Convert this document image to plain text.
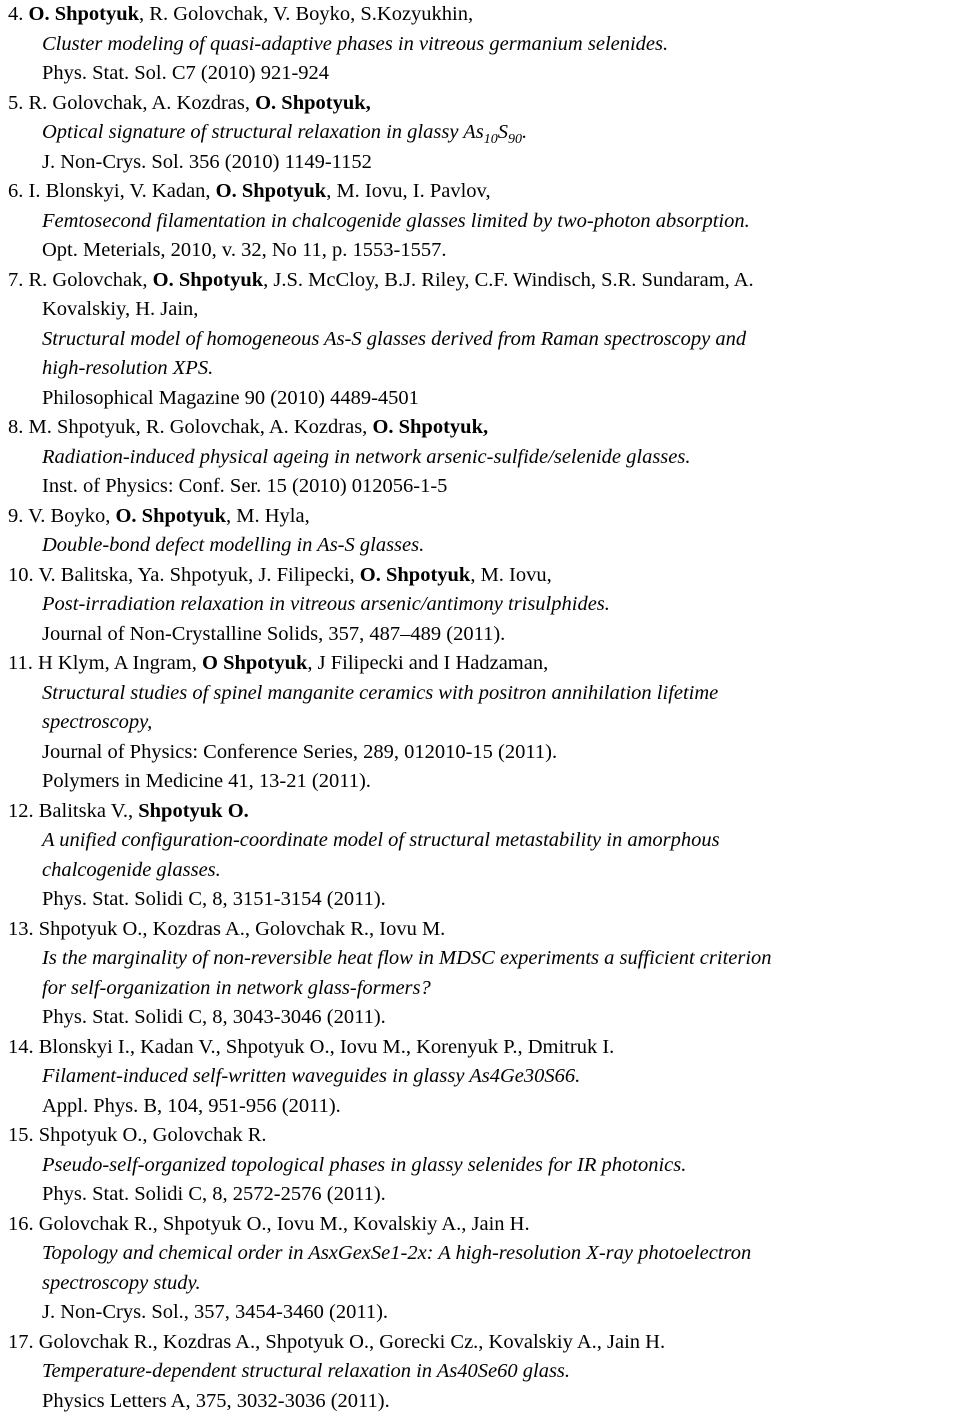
4. O. Shpotyuk, R. Golovchak, V. Boyko, S.Kozyukhin,
Cluster modeling of quasi-adaptive phases in vitreous germanium selenides.
Phys. Stat. Sol. C7 (2010) 921-924
5. R. Golovchak, A. Kozdras, O. Shpotyuk,
Optical signature of structural relaxation in glassy $As_{10}S_{90}$.
J. Non-Crys. Sol. 356 (2010) 1149-1152
6. I. Blonskyi, V. Kadan, O. Shpotyuk, M. Iovu, I. Pavlov,
Femtosecond filamentation in chalcogenide glasses limited by two-photon absorption.
Opt. Meterials, 2010, v. 32, No 11, p. 1553-1557.
7. R. Golovchak, O. Shpotyuk, J.S. McCloy, B.J. Riley, C.F. Windisch, S.R. Sundaram, A.
Kovalskiy, H. Jain,
Structural model of homogeneous As-S glasses derived from Raman spectroscopy and
high-resolution XPS.
Philosophical Magazine 90 (2010) 4489-4501
8. M. Shpotyuk, R. Golovchak, A. Kozdras, O. Shpotyuk,
Radiation-induced physical ageing in network arsenic-sulfide/selenide glasses.
Inst. of Physics: Conf. Ser. 15 (2010) 012056-1-5
9. V. Boyko, O. Shpotyuk, M. Hyla,
Double-bond defect modelling in As-S glasses.
10. V. Balitska, Ya. Shpotyuk, J. Filipecki, O. Shpotyuk, M. Iovu,
Post-irradiation relaxation in vitreous arsenic/antimony trisulphides.
Journal of Non-Crystalline Solids, 357, 487–489 (2011).
11. H Klym, A Ingram, O Shpotyuk, J Filipecki and I Hadzaman,
Structural studies of spinel manganite ceramics with positron annihilation lifetime
spectroscopy,
Journal of Physics: Conference Series, 289, 012010-15 (2011).
Polymers in Medicine 41, 13-21 (2011).
12. Balitska V., Shpotyuk O.
A unified configuration-coordinate model of structural metastability in amorphous
chalcogenide glasses.
Phys. Stat. Solidi C, 8, 3151-3154 (2011).
13. Shpotyuk O., Kozdras A., Golovchak R., Iovu M.
Is the marginality of non-reversible heat flow in MDSC experiments a sufficient criterion
for self-organization in network glass-formers?
Phys. Stat. Solidi C, 8, 3043-3046 (2011).
14. Blonskyi I., Kadan V., Shpotyuk O., Iovu M., Korenyuk P., Dmitruk I.
Filament-induced self-written waveguides in glassy As4Ge30S66.
Appl. Phys. B, 104, 951-956 (2011).
15. Shpotyuk O., Golovchak R.
Pseudo-self-organized topological phases in glassy selenides for IR photonics.
Phys. Stat. Solidi C, 8, 2572-2576 (2011).
16. Golovchak R., Shpotyuk O., Iovu M., Kovalskiy A., Jain H.
Topology and chemical order in AsxGexSe1-2x: A high-resolution X-ray photoelectron
spectroscopy study.
J. Non-Crys. Sol., 357, 3454-3460 (2011).
17. Golovchak R., Kozdras A., Shpotyuk O., Gorecki Cz., Kovalskiy A., Jain H.
Temperature-dependent structural relaxation in As40Se60 glass.
Physics Letters A, 375, 3032-3036 (2011).
